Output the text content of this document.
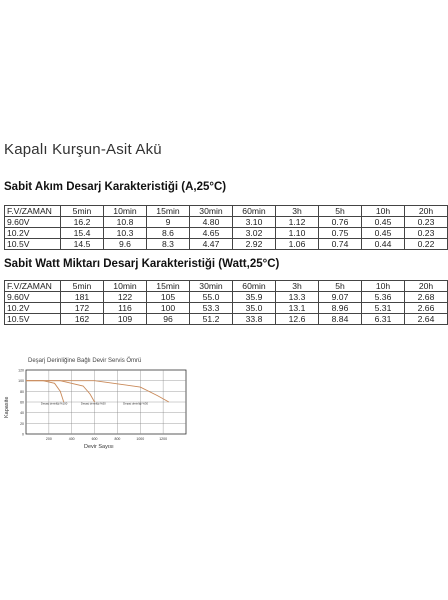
Kapalı Kurşun-Asit Akü
Sabit Akım Desarj Karakteristiği (A,25°C)
F.V/ZAMAN	5min	10min	15min	30min	60min	3h	5h	10h	20h
9.60V	16.2	10.8	9	4.80	3.10	1.12	0.76	0.45	0.23
10.2V	15.4	10.3	8.6	4.65	3.02	1.10	0.75	0.45	0.23
10.5V	14.5	9.6	8.3	4.47	2.92	1.06	0.74	0.44	0.22
Sabit Watt Miktarı Desarj Karakteristiği (Watt,25°C)
F.V/ZAMAN	5min	10min	15min	30min	60min	3h	5h	10h	20h
9.60V	181	122	105	55.0	35.9	13.3	9.07	5.36	2.68
10.2V	172	116	100	53.3	35.0	13.1	8.96	5.31	2.66
10.5V	162	109	96	51.2	33.8	12.6	8.84	6.31	2.64
Deşarj Derinliğine Bağlı Devir Servis Ömrü
Kapasite
Devir Sayısı
120
100
80
60
40
20
0
200	400	600	800	1000	1200
Deşarj derinliği %100	Deşarj derinliği %50	Deşarj derinliği %30
